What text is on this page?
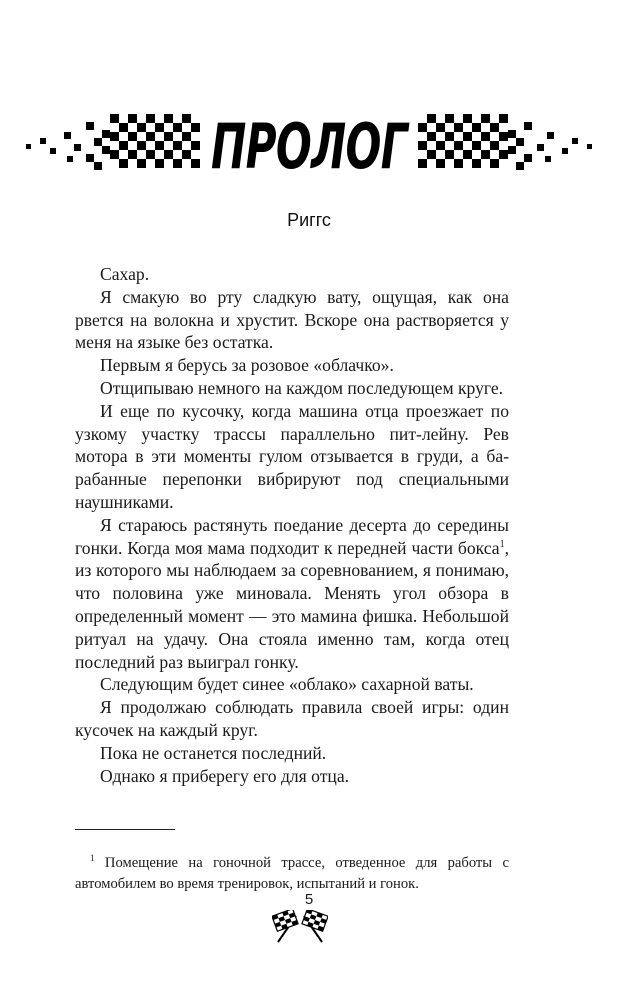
ПРОЛОГ
Риггс

Сахар.

Я смакую во рту сладкую вату, ощущая, как она рвется на волокна и хрустит. Вскоре она растворяется у меня на языке без остатка.

Первым я берусь за розовое «облачко».

Отщипываю немного на каждом последующем круге.

И еще по кусочку, когда машина отца проезжает по узкому участку трассы параллельно пит-лейну. Рев мотора в эти моменты гулом отзывается в груди, а барабанные перепонки вибрируют под специальными наушниками.

Я стараюсь растянуть поедание десерта до середины гонки. Когда моя мама подходит к передней части бокса$^1$, из которого мы наблюдаем за соревнованием, я понимаю, что половина уже миновала. Менять угол обзора в определенный момент — это мамина фишка. Небольшой ритуал на удачу. Она стояла именно там, когда отец последний раз выиграл гонку.

Следующим будет синее «облако» сахарной ваты.

Я продолжаю соблюдать правила своей игры: один кусочек на каждый круг.

Пока не останется последний.

Однако я приберегу его для отца.

$^1$ Помещение на гоночной трассе, отведенное для работы с автомобилем во время тренировок, испытаний и гонок.

5
